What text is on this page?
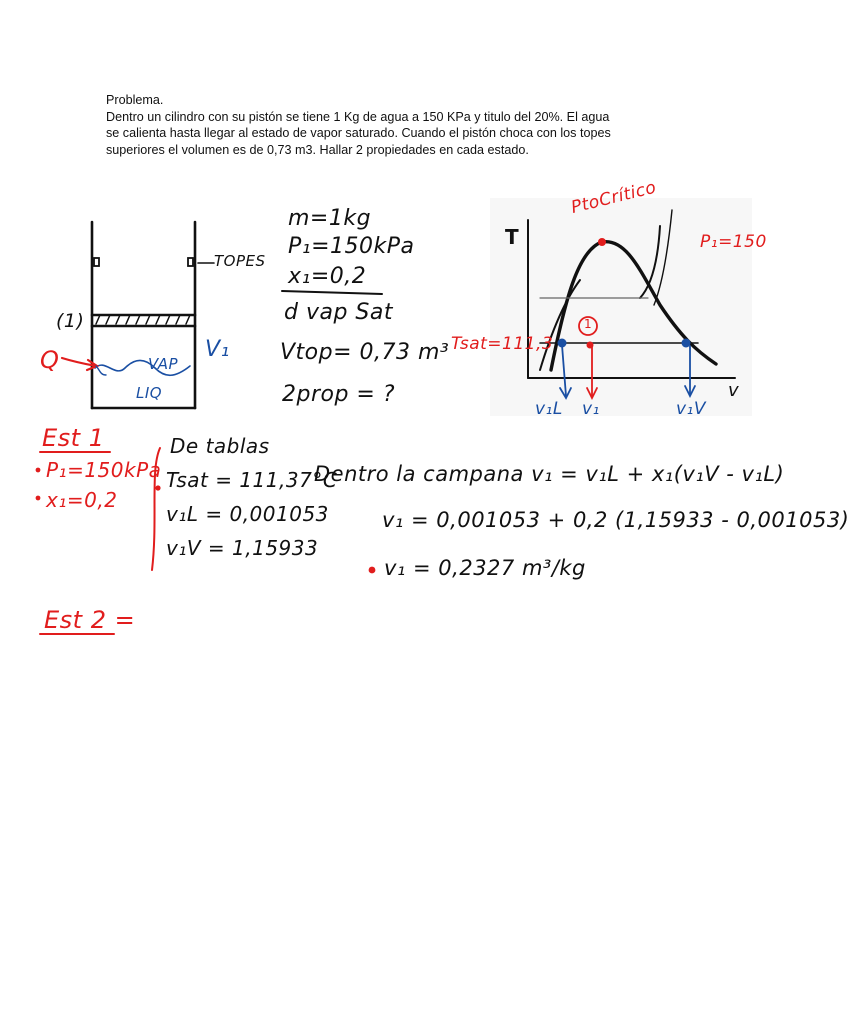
Problema.
Dentro un cilindro con su pistón se tiene 1 Kg de agua a 150 KPa y titulo del 20%. El agua
se calienta hasta llegar al estado de vapor saturado. Cuando el pistón choca con los topes
superiores el volumen es de 0,73 m3. Hallar 2 propiedades en cada estado.
TOPES
(1)
Q	VAP
LIQ
V₁
m=1kg
P₁=150kPa
x₁=0,2
d vap Sat
Vtop= 0,73 m³
2prop = ?
T
v
PtoCrítico
P₁=150
Tsat=111,3
1
v₁L v₁	v₁V
Est 1
P₁=150kPa
x₁=0,2
De tablas
Tsat = 111,37°C
v₁L = 0,001053
v₁V = 1,15933
Dentro la campana v₁ = v₁L + x₁(v₁V - v₁L)
v₁ = 0,001053 + 0,2 (1,15933 - 0,001053)
v₁ = 0,2327 m³/kg
Est 2 =
